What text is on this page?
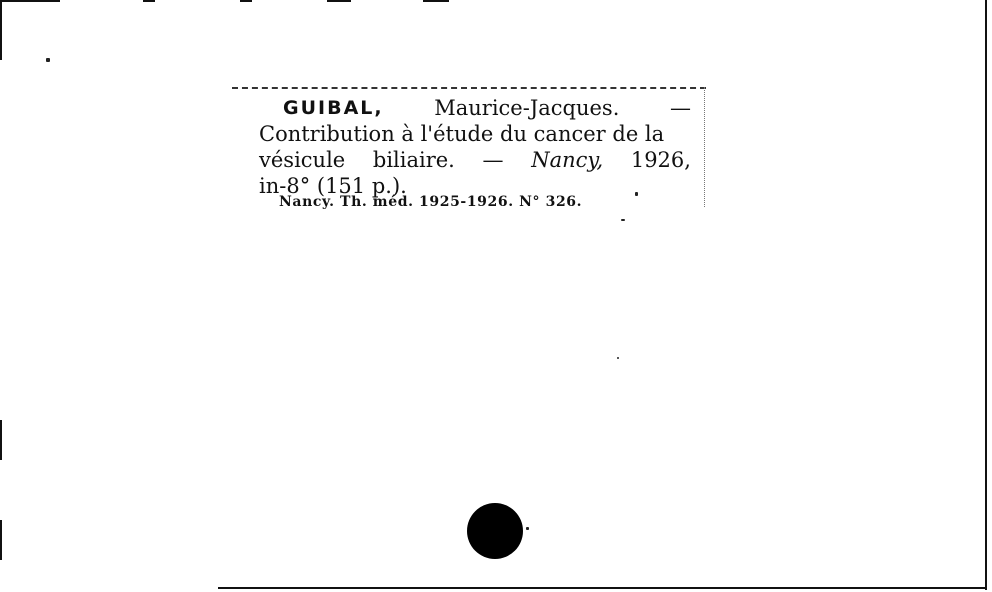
GUIBAL, Maurice-Jacques. —
Contribution à l'étude du cancer de la
vésicule biliaire. — Nancy, 1926,
in-8° (151 p.).
Nancy. Th. méd. 1925-1926. N° 326.
